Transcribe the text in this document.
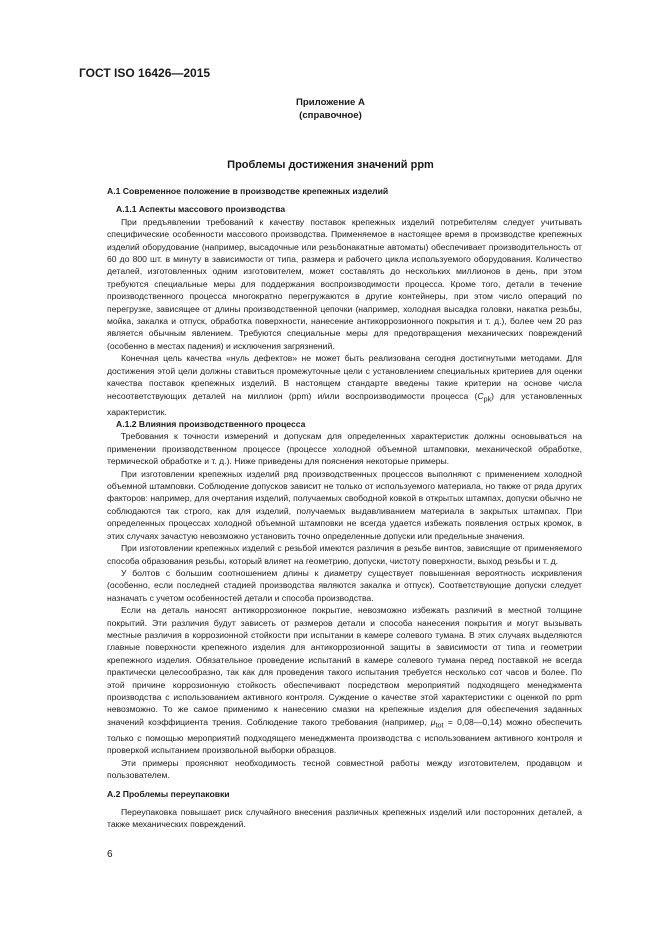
ГОСТ ISO 16426—2015

Приложение А

(справочное)

Проблемы достижения значений ppm

А.1 Современное положение в производстве крепежных изделий

А.1.1 Аспекты массового производства

При предъявлении требований к качеству поставок крепежных изделий потребителям следует учитывать специфические особенности массового производства. Применяемое в настоящее время в производстве крепежных изделий оборудование (например, высадочные или резьбонакатные автоматы) обеспечивает производительность от 60 до 800 шт. в минуту в зависимости от типа, размера и рабочего цикла используемого оборудования. Количество деталей, изготовленных одним изготовителем, может составлять до нескольких миллионов в день, при этом требуются специальные меры для поддержания воспроизводимости процесса. Кроме того, детали в течение производственного процесса многократно перегружаются в другие контейнеры, при этом число операций по перегрузке, зависящее от длины производственной цепочки (например, холодная высадка головки, накатка резьбы, мойка, закалка и отпуск, обработка поверхности, нанесение антикоррозионного покрытия и т. д.), более чем 20 раз является обычным явлением. Требуются специальные меры для предотвращения механических повреждений (особенно в местах падения) и исключения загрязнений.

Конечная цель качества «нуль дефектов» не может быть реализована сегодня достигнутыми методами. Для достижения этой цели должны ставиться промежуточные цели с установлением специальных критериев для оценки качества поставок крепежных изделий. В настоящем стандарте введены такие критерии на основе числа несоответствующих деталей на миллион (ppm) и/или воспроизводимости процесса $(C_{pk})$ для установленных характеристик.

А.1.2 Влияния производственного процесса

Требования к точности измерений и допускам для определенных характеристик должны основываться на применении производственном процессе (процессе холодной объемной штамповки, механической обработке, термической обработке и т. д.). Ниже приведены для пояснения некоторые примеры.

При изготовлении крепежных изделий ряд производственных процессов выполняют с применением холодной объемной штамповки. Соблюдение допусков зависит не только от используемого материала, но также от ряда других факторов: например, для очертания изделий, получаемых свободной ковкой в открытых штампах, допуски обычно не соблюдаются так строго, как для изделий, получаемых выдавливанием материала в закрытых штампах. При определенных процессах холодной объемной штамповки не всегда удается избежать появления острых кромок, в этих случаях зачастую невозможно установить точно определенные допуски или предельные значения.

При изготовлении крепежных изделий с резьбой имеются различия в резьбе винтов, зависящие от применяемого способа образования резьбы, который влияет на геометрию, допуски, чистоту поверхности, выход резьбы и т. д.

У болтов с большим соотношением длины к диаметру существует повышенная вероятность искривления (особенно, если последней стадией производства являются закалка и отпуск). Соответствующие допуски следует назначать с учетом особенностей детали и способа производства.

Если на деталь наносят антикоррозионное покрытие, невозможно избежать различий в местной толщине покрытий. Эти различия будут зависеть от размеров детали и способа нанесения покрытия и могут вызывать местные различия в коррозионной стойкости при испытании в камере солевого тумана. В этих случаях выделяются главные поверхности крепежного изделия для антикоррозионной защиты в зависимости от типа и геометрии крепежного изделия. Обязательное проведение испытаний в камере солевого тумана перед поставкой не всегда практически целесообразно, так как для проведения такого испытания требуется несколько сот часов и более. По этой причине коррозионную стойкость обеспечивают посредством мероприятий подходящего менеджмента производства с использованием активного контроля. Суждение о качестве этой характеристики с оценкой по ppm невозможно. То же самое применимо к нанесению смазки на крепежные изделия для обеспечения заданных значений коэффициента трения. Соблюдение такого требования (например, $\mu_{tot}$ = 0,08—0,14) можно обеспечить только с помощью мероприятий подходящего менеджмента производства с использованием активного контроля и проверкой испытанием произвольной выборки образцов.

Эти примеры проясняют необходимость тесной совместной работы между изготовителем, продавцом и пользователем.

А.2 Проблемы переупаковки

Переупаковка повышает риск случайного внесения различных крепежных изделий или посторонних деталей, а также механических повреждений.

6
